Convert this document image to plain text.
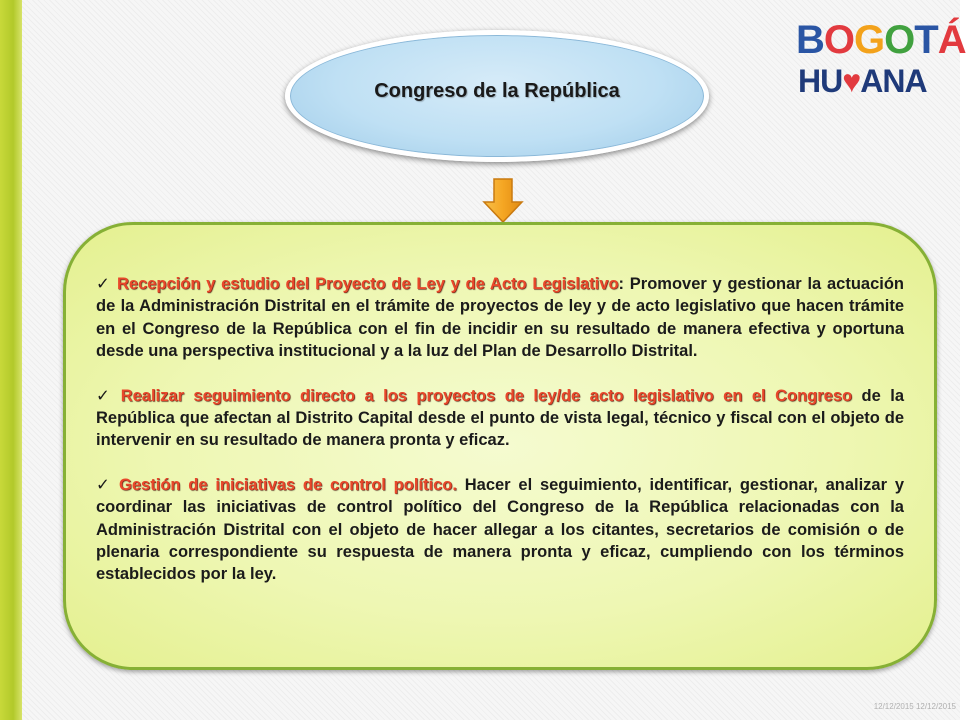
BOGOTÁ
HU♥ANA
Congreso de la República

✓ Recepción y estudio del Proyecto de Ley y de Acto Legislativo: Promover y gestionar la actuación de la Administración Distrital en el trámite de proyectos de ley y de acto legislativo que hacen trámite en el Congreso de la República con el fin de incidir en su resultado de manera efectiva y oportuna desde una perspectiva institucional y a la luz del Plan de Desarrollo Distrital.

✓ Realizar seguimiento directo a los proyectos de ley/de acto legislativo en el Congreso de la República que afectan al Distrito Capital desde el punto de vista legal, técnico y fiscal con el objeto de intervenir en su resultado de manera pronta y eficaz.

✓ Gestión de iniciativas de control político. Hacer el seguimiento, identificar, gestionar, analizar y coordinar las iniciativas de control político del Congreso de la República relacionadas con la Administración Distrital con el objeto de hacer allegar a los citantes, secretarios de comisión o de plenaria correspondiente su respuesta de manera pronta y eficaz, cumpliendo con los términos establecidos por la ley.

12/12/2015 12/12/2015
